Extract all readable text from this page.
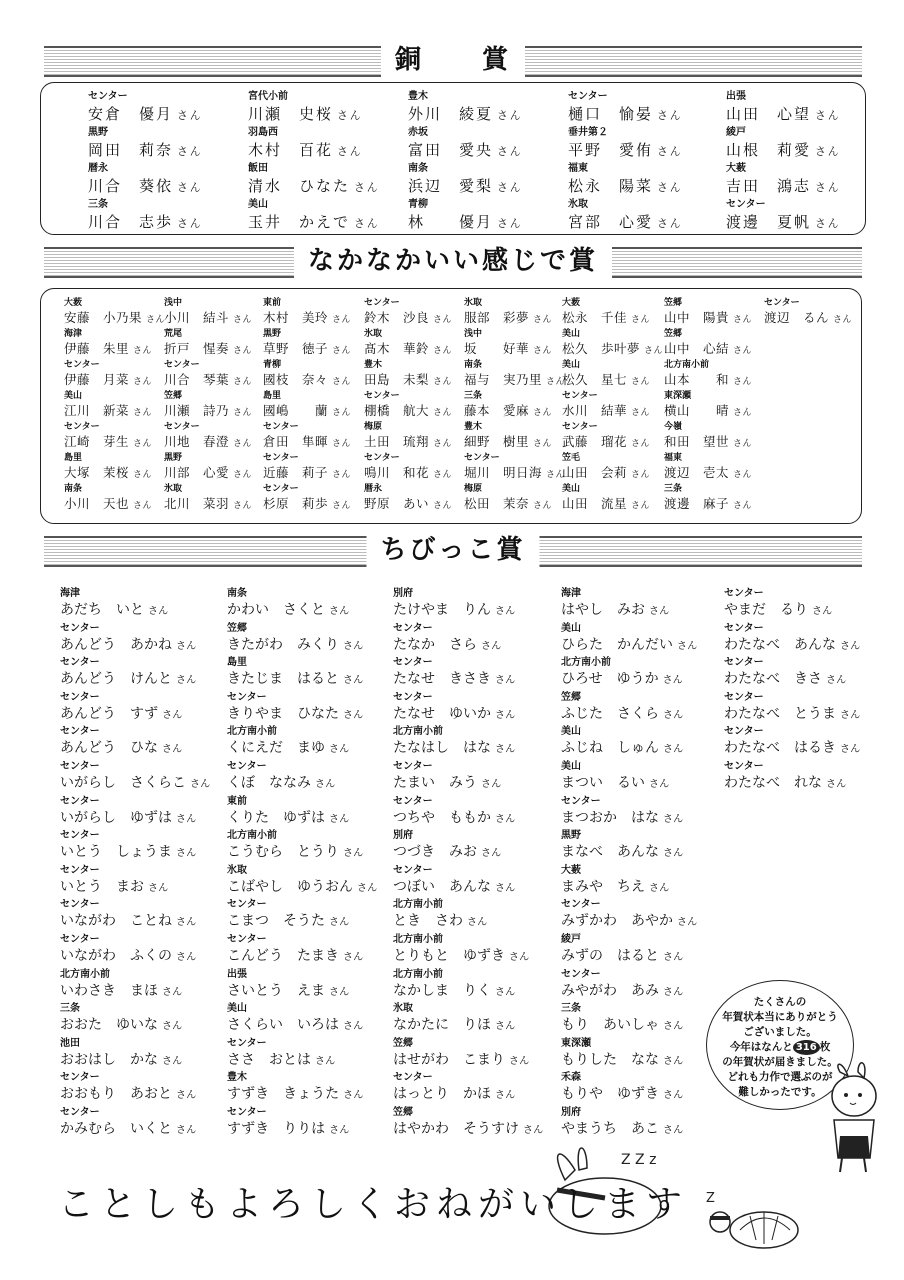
銅　　賞
センター
安倉　優月 さん
黒野
岡田　莉奈 さん
暦永
川合　葵依 さん
三条
川合　志歩 さん
宮代小前
川瀬　史桜 さん
羽島西
木村　百花 さん
飯田
清水　ひなた さん
美山
玉井　かえで さん
豊木
外川　綾夏 さん
赤坂
富田　愛央 さん
南条
浜辺　愛梨 さん
青柳
林　　優月 さん
センター
樋口　愉晏 さん
垂井第２
平野　愛侑 さん
福東
松永　陽菜 さん
氷取
宮部　心愛 さん
出張
山田　心望 さん
綾戸
山根　莉愛 さん
大薮
吉田　鴻志 さん
センター
渡邊　夏帆 さん
なかなかいい感じで賞
大薮
安藤　小乃果 さん
海津
伊藤　朱里 さん
センター
伊藤　月菜 さん
美山
江川　新菜 さん
センター
江崎　芽生 さん
島里
大塚　茉桜 さん
南条
小川　天也 さん
浅中
小川　結斗 さん
荒尾
折戸　惺奏 さん
センター
川合　琴葉 さん
笠郷
川瀬　詩乃 さん
センター
川地　春澄 さん
黒野
川部　心愛 さん
氷取
北川　菜羽 さん
東前
木村　美玲 さん
黒野
草野　徳子 さん
青柳
國枝　奈々 さん
島里
國嶋　　蘭 さん
センター
倉田　隼暉 さん
センター
近藤　莉子 さん
センター
杉原　莉歩 さん
センター
鈴木　沙良 さん
氷取
髙木　華鈴 さん
豊木
田島　未梨 さん
センター
棚橋　航大 さん
梅原
土田　琉翔 さん
センター
鳴川　和花 さん
暦永
野原　あい さん
氷取
服部　彩夢 さん
浅中
坂　　好華 さん
南条
福与　実乃里 さん
三条
藤本　愛麻 さん
豊木
細野　樹里 さん
センター
堀川　明日海 さん
梅原
松田　茉奈 さん
大薮
松永　千佳 さん
美山
松久　歩叶夢 さん
美山
松久　星七 さん
センター
水川　結華 さん
センター
武藤　瑠花 さん
笠毛
山田　会莉 さん
美山
山田　流星 さん
笠郷
山中　陽貴 さん
笠郷
山中　心結 さん
北方南小前
山本　　和 さん
東深瀬
横山　　晴 さん
今嶺
和田　望世 さん
福東
渡辺　壱太 さん
三条
渡邊　麻子 さん
センター
渡辺　るん さん
ちびっこ賞
海津
あだち　いと さん
センター
あんどう　あかね さん
センター
あんどう　けんと さん
センター
あんどう　すず さん
センター
あんどう　ひな さん
センター
いがらし　さくらこ さん
センター
いがらし　ゆずは さん
センター
いとう　しょうま さん
センター
いとう　まお さん
センター
いながわ　ことね さん
センター
いながわ　ふくの さん
北方南小前
いわさき　まほ さん
三条
おおた　ゆいな さん
池田
おおはし　かな さん
センター
おおもり　あおと さん
センター
かみむら　いくと さん
南条
かわい　さくと さん
笠郷
きたがわ　みくり さん
島里
きたじま　はると さん
センター
きりやま　ひなた さん
北方南小前
くにえだ　まゆ さん
センター
くぼ　ななみ さん
東前
くりた　ゆずは さん
北方南小前
こうむら　とうり さん
氷取
こばやし　ゆうおん さん
センター
こまつ　そうた さん
センター
こんどう　たまき さん
出張
さいとう　えま さん
美山
さくらい　いろは さん
センター
ささ　おとは さん
豊木
すずき　きょうた さん
センター
すずき　りりは さん
別府
たけやま　りん さん
センター
たなか　さら さん
センター
たなせ　きさき さん
センター
たなせ　ゆいか さん
北方南小前
たなはし　はな さん
センター
たまい　みう さん
センター
つちや　ももか さん
別府
つづき　みお さん
センター
つぼい　あんな さん
北方南小前
とき　さわ さん
北方南小前
とりもと　ゆずき さん
北方南小前
なかしま　りく さん
氷取
なかたに　りほ さん
笠郷
はせがわ　こまり さん
センター
はっとり　かほ さん
笠郷
はやかわ　そうすけ さん
海津
はやし　みお さん
美山
ひらた　かんだい さん
北方南小前
ひろせ　ゆうか さん
笠郷
ふじた　さくら さん
美山
ふじね　しゅん さん
美山
まつい　るい さん
センター
まつおか　はな さん
黒野
まなべ　あんな さん
大薮
まみや　ちえ さん
センター
みずかわ　あやか さん
綾戸
みずの　はると さん
センター
みやがわ　あみ さん
三条
もり　あいしゃ さん
東深瀬
もりした　なな さん
禾森
もりや　ゆずき さん
別府
やまうち　あこ さん
センター
やまだ　るり さん
センター
わたなべ　あんな さん
センター
わたなべ　きさ さん
センター
わたなべ　とうま さん
センター
わたなべ　はるき さん
センター
わたなべ　れな さん
たくさんの
年賀状本当にありがとう
ございました。
今年はなんと 316 枚
の年賀状が届きました。
どれも力作で選ぶのが
難しかったです。
Z Z z
Z
ことしもよろしくおねがいします
